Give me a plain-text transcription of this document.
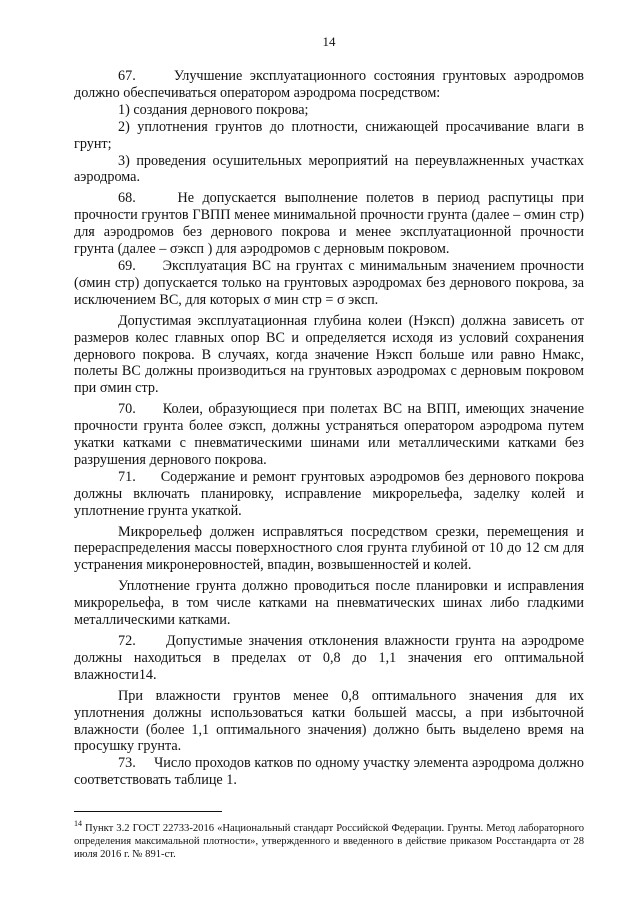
14

67.     Улучшение эксплуатационного состояния грунтовых аэродромов должно обеспечиваться оператором аэродрома посредством:

1) создания дернового покрова;

2) уплотнения грунтов до плотности, снижающей просачивание влаги в грунт;

3) проведения осушительных мероприятий на переувлажненных участках аэродрома.

68.     Не допускается выполнение полетов в период распутицы при прочности грунтов ГВПП менее минимальной прочности грунта (далее – σмин стр) для аэродромов без дернового покрова и менее эксплуатационной прочности грунта (далее – σэксп ) для аэродромов с дерновым покровом.

69.     Эксплуатация ВС на грунтах с минимальным значением прочности (σмин стр) допускается только на грунтовых аэродромах без дернового покрова, за исключением ВС, для которых σ мин стр = σ эксп.

Допустимая эксплуатационная глубина колеи (Hэксп) должна зависеть от размеров колес главных опор ВС и определяется исходя из условий сохранения дернового покрова. В случаях, когда значение Hэксп больше или равно Hмакс, полеты ВС должны производиться на грунтовых аэродромах с дерновым покровом при σмин стр.

70.     Колеи, образующиеся при полетах ВС на ВПП, имеющих значение прочности грунта более σэксп, должны устраняться оператором аэродрома путем укатки катками с пневматическими шинами или металлическими катками без разрушения дернового покрова.

71.     Содержание и ремонт грунтовых аэродромов без дернового покрова должны включать планировку, исправление микрорельефа, заделку колей и уплотнение грунта укаткой.

Микрорельеф должен исправляться посредством срезки, перемещения и перераспределения массы поверхностного слоя грунта глубиной от 10 до 12 см для устранения микронеровностей, впадин, возвышенностей и колей.

Уплотнение грунта должно проводиться после планировки и исправления микрорельефа, в том числе катками на пневматических шинах либо гладкими металлическими катками.

72.     Допустимые значения отклонения влажности грунта на аэродроме должны находиться в пределах от 0,8 до 1,1 значения его оптимальной влажности14.

При влажности грунтов менее 0,8 оптимального значения для их уплотнения должны использоваться катки большей массы, а при избыточной влажности (более 1,1 оптимального значения) должно быть выделено время на просушку грунта.

73.     Число проходов катков по одному участку элемента аэродрома должно соответствовать таблице 1.

$^{14}$ Пункт 3.2 ГОСТ 22733-2016 «Национальный стандарт Российской Федерации. Грунты. Метод лабораторного определения максимальной плотности», утвержденного и введенного в действие приказом Росстандарта от 28 июля 2016 г. № 891-ст.
